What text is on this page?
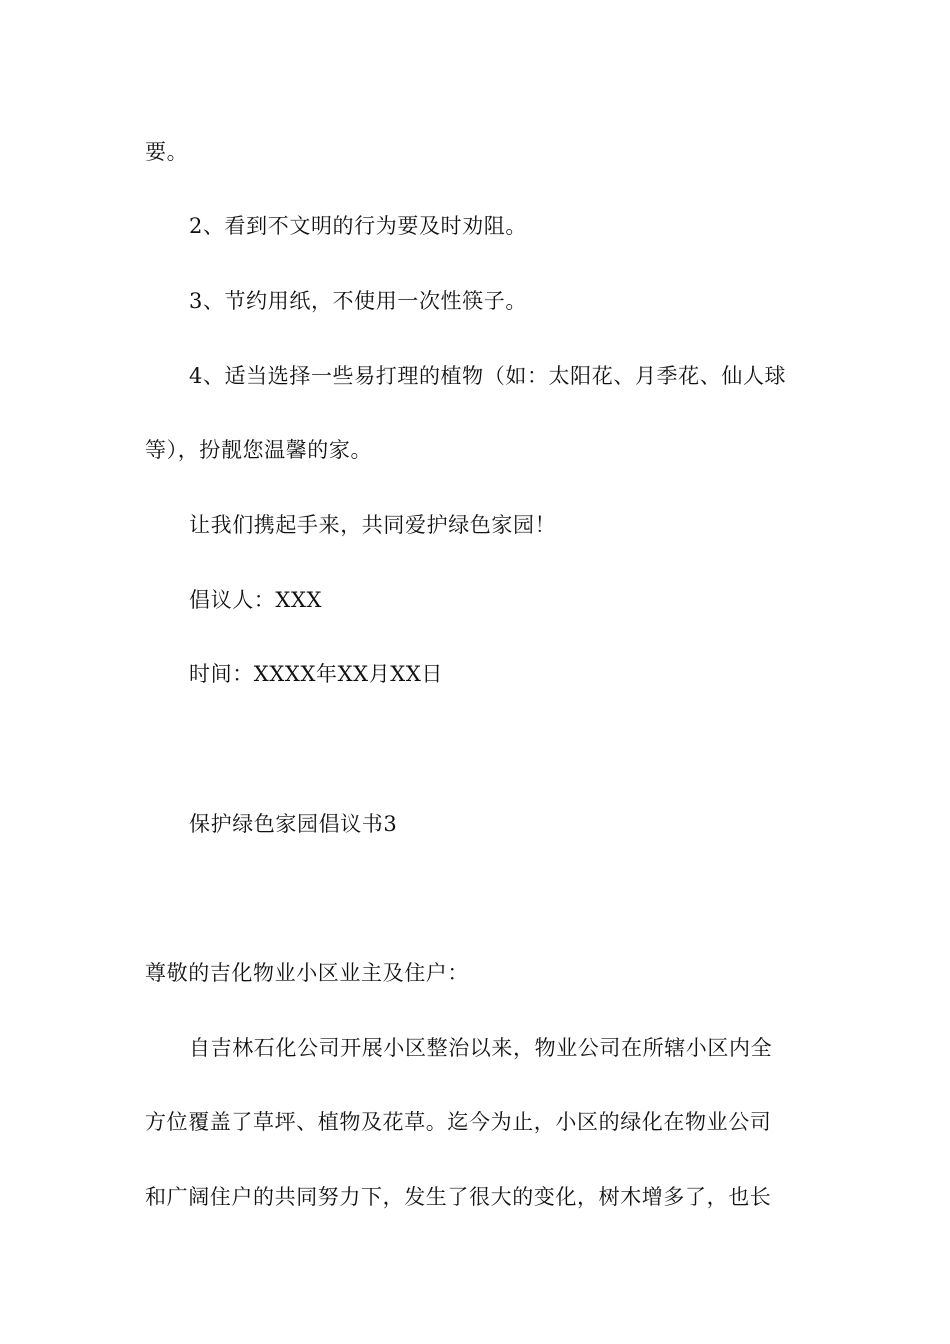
要。
2、看到不文明的行为要及时劝阻。
3、节约用纸，不使用一次性筷子。
4、适当选择一些易打理的植物（如：太阳花、月季花、仙人球
等），扮靓您温馨的家。
让我们携起手来，共同爱护绿色家园！
倡议人：XXX
时间：XXXX年XX月XX日
保护绿色家园倡议书3
尊敬的吉化物业小区业主及住户：
自吉林石化公司开展小区整治以来，物业公司在所辖小区内全
方位覆盖了草坪、植物及花草。迄今为止，小区的绿化在物业公司
和广阔住户的共同努力下，发生了很大的变化，树木增多了，也长
